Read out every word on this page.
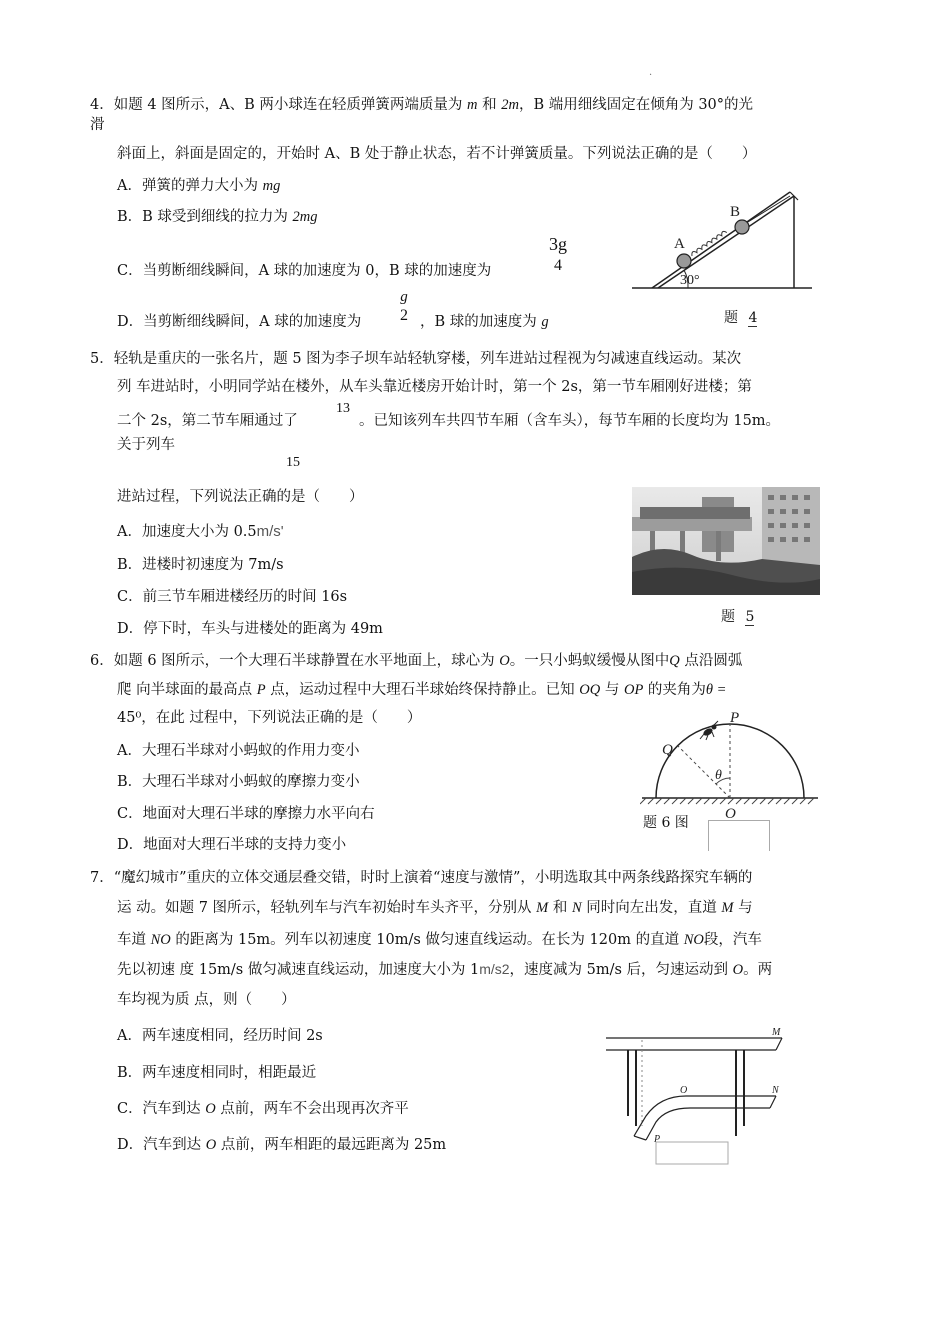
·
4．如题 4 图所示，A、B 两小球连在轻质弹簧两端质量为 m 和 2m，B 端用细线固定在倾角为 30°的光
滑
斜面上，斜面是固定的，开始时 A、B 处于静止状态，若不计弹簧质量。下列说法正确的是（　　）
A．弹簧的弹力大小为 mg
B．B 球受到细线的拉力为 2mg
C．当剪断细线瞬间，A 球的加速度为 0，B 球的加速度为
3g
4
D．当剪断细线瞬间，A 球的加速度为
g
2 ，B 球的加速度为 g
A
B
30°
题 4
5．轻轨是重庆的一张名片，题 5 图为李子坝车站轻轨穿楼，列车进站过程视为匀减速直线运动。某次
列 车进站时，小明同学站在楼外，从车头靠近楼房开始计时，第一个 2s，第一节车厢刚好进楼；第
二个 2s，第二节车厢通过了
13
。已知该列车共四节车厢（含车头），每节车厢的长度均为 15m。
关于列车
15
进站过程，下列说法正确的是（　　）
A．加速度大小为 0.5m/s'
B．进楼时初速度为 7m/s
C．前三节车厢进楼经历的时间 16s
D．停下时，车头与进楼处的距离为 49m
题 5
6．如题 6 图所示，一个大理石半球静置在水平地面上，球心为 O。一只小蚂蚁缓慢从图中Q 点沿圆弧
爬 向半球面的最高点 P 点，运动过程中大理石半球始终保持静止。已知 OQ 与 OP 的夹角为θ =
45⁰，在此 过程中，下列说法正确的是（　　）
A．大理石半球对小蚂蚁的作用力变小
B．大理石半球对小蚂蚁的摩擦力变小
C．地面对大理石半球的摩擦力水平向右
D．地面对大理石半球的支持力变小
P
Q
θ
O
题 6 图
7．“魔幻城市”重庆的立体交通层叠交错，时时上演着“速度与激情”，小明选取其中两条线路探究车辆的
运 动。如题 7 图所示，轻轨列车与汽车初始时车头齐平，分别从 M 和 N 同时向左出发，直道 M 与
车道 NO 的距离为 15m。列车以初速度 10m/s 做匀速直线运动。在长为 120m 的直道 NO段，汽车
先以初速 度 15m/s 做匀减速直线运动，加速度大小为 1m/s2，速度减为 5m/s 后，匀速运动到 O。两
车均视为质 点，则（　　）
A．两车速度相同，经历时间 2s
B．两车速度相同时，相距最近
C．汽车到达 O 点前，两车不会出现再次齐平
D．汽车到达 O 点前，两车相距的最远距离为 25m
M
N
O
P
